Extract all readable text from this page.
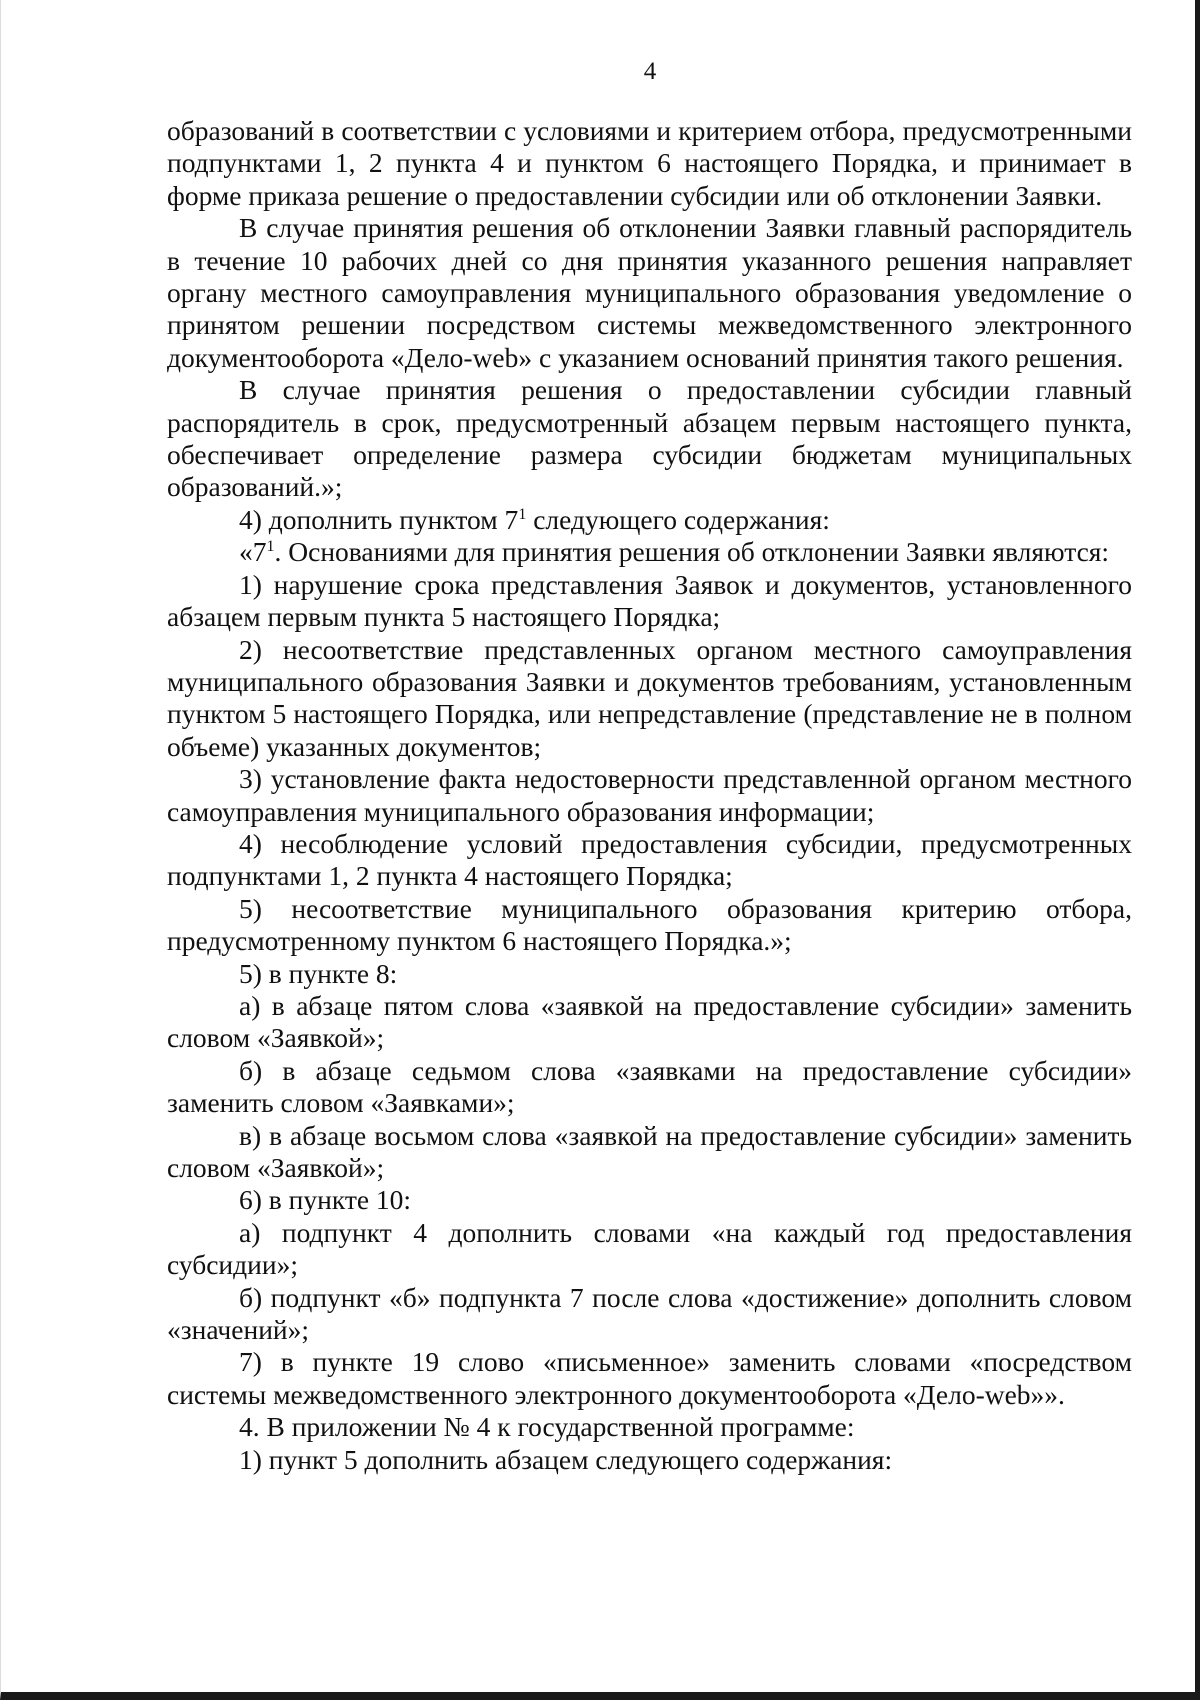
4

образований в соответствии с условиями и критерием отбора, предусмотренными подпунктами 1, 2 пункта 4 и пунктом 6 настоящего Порядка, и принимает в форме приказа решение о предоставлении субсидии или об отклонении Заявки.

В случае принятия решения об отклонении Заявки главный распорядитель в течение 10 рабочих дней со дня принятия указанного решения направляет органу местного самоуправления муниципального образования уведомление о принятом решении посредством системы межведомственного электронного документооборота «Дело-web» с указанием оснований принятия такого решения.

В случае принятия решения о предоставлении субсидии главный распорядитель в срок, предусмотренный абзацем первым настоящего пункта, обеспечивает определение размера субсидии бюджетам муниципальных образований.»;

4) дополнить пунктом $7^1$ следующего содержания:

«$7^1$. Основаниями для принятия решения об отклонении Заявки являются:

1) нарушение срока представления Заявок и документов, установленного абзацем первым пункта 5 настоящего Порядка;

2) несоответствие представленных органом местного самоуправления муниципального образования Заявки и документов требованиям, установленным пунктом 5 настоящего Порядка, или непредставление (представление не в полном объеме) указанных документов;

3) установление факта недостоверности представленной органом местного самоуправления муниципального образования информации;

4) несоблюдение условий предоставления субсидии, предусмотренных подпунктами 1, 2 пункта 4 настоящего Порядка;

5) несоответствие муниципального образования критерию отбора, предусмотренному пунктом 6 настоящего Порядка.»;

5) в пункте 8:

а) в абзаце пятом слова «заявкой на предоставление субсидии» заменить словом «Заявкой»;

б) в абзаце седьмом слова «заявками на предоставление субсидии» заменить словом «Заявками»;

в) в абзаце восьмом слова «заявкой на предоставление субсидии» заменить словом «Заявкой»;

6) в пункте 10:

а) подпункт 4 дополнить словами «на каждый год предоставления субсидии»;

б) подпункт «б» подпункта 7 после слова «достижение» дополнить словом «значений»;

7) в пункте 19 слово «письменное» заменить словами «посредством системы межведомственного электронного документооборота «Дело-web»».

4. В приложении № 4 к государственной программе:

1) пункт 5 дополнить абзацем следующего содержания:
